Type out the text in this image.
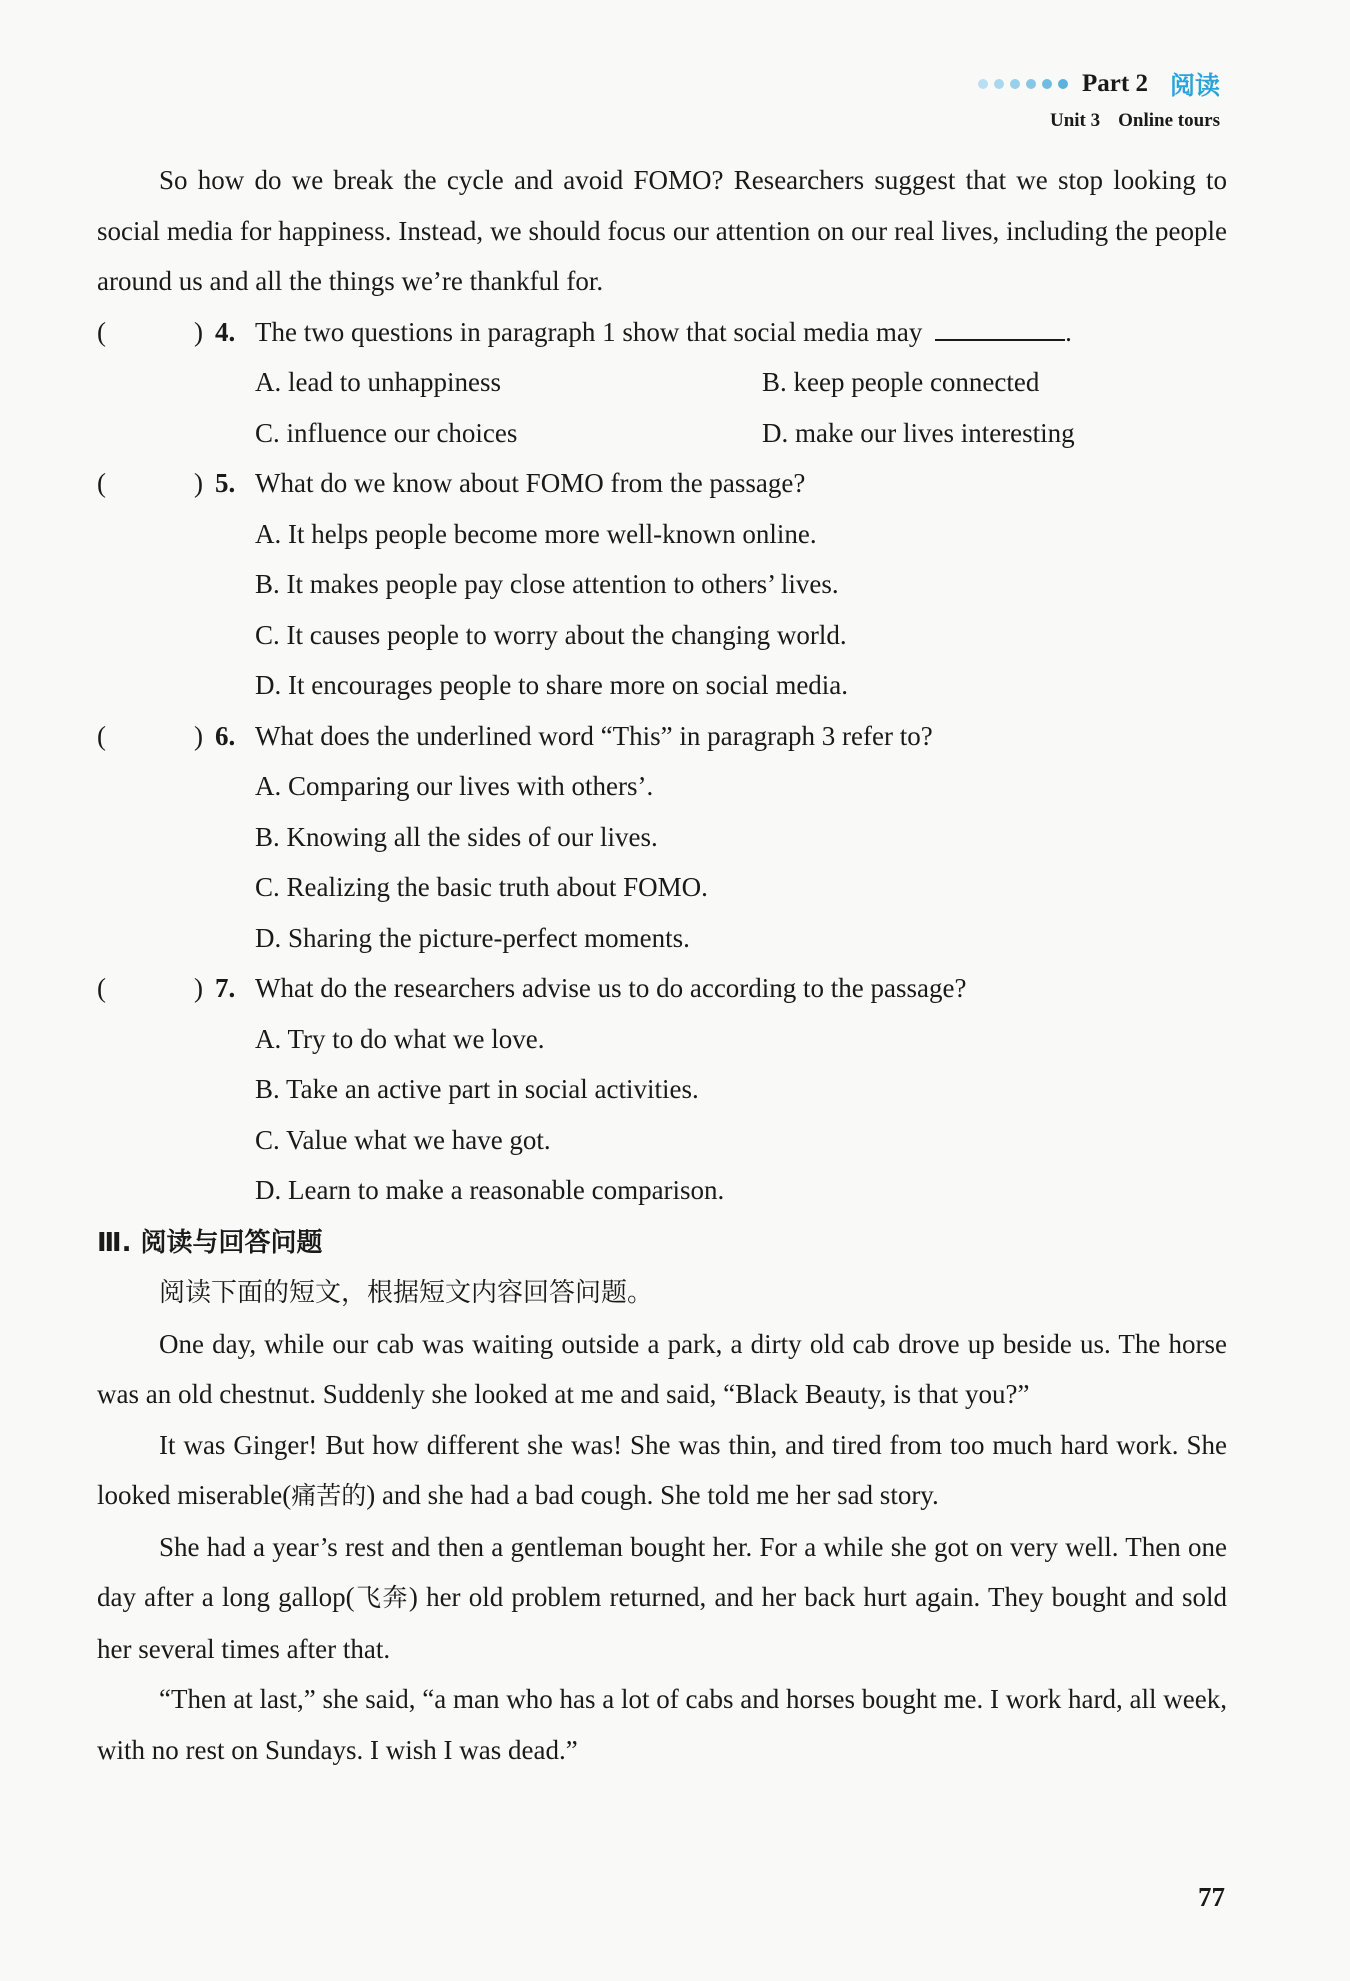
Part 2 阅读
Unit 3 Online tours

So how do we break the cycle and avoid FOMO? Researchers suggest that we stop looking to social media for happiness. Instead, we should focus our attention on our real lives, including the people around us and all the things we’re thankful for.

(	) 4. The two questions in paragraph 1 show that social media may	.
A. lead to unhappiness	B. keep people connected
C. influence our choices	D. make our lives interesting
(	) 5. What do we know about FOMO from the passage?
A. It helps people become more well-known online.
B. It makes people pay close attention to others’ lives.
C. It causes people to worry about the changing world.
D. It encourages people to share more on social media.
(	) 6. What does the underlined word “This” in paragraph 3 refer to?
A. Comparing our lives with others’.
B. Knowing all the sides of our lives.
C. Realizing the basic truth about FOMO.
D. Sharing the picture-perfect moments.
(	) 7. What do the researchers advise us to do according to the passage?
A. Try to do what we love.
B. Take an active part in social activities.
C. Value what we have got.
D. Learn to make a reasonable comparison.
Ⅲ. 阅读与回答问题
阅读下面的短文，根据短文内容回答问题。

One day, while our cab was waiting outside a park, a dirty old cab drove up beside us. The horse was an old chestnut. Suddenly she looked at me and said, “Black Beauty, is that you?”

It was Ginger! But how different she was! She was thin, and tired from too much hard work. She looked miserable(痛苦的) and she had a bad cough. She told me her sad story.

She had a year’s rest and then a gentleman bought her. For a while she got on very well. Then one day after a long gallop(飞奔) her old problem returned, and her back hurt again. They bought and sold her several times after that.

“Then at last,” she said, “a man who has a lot of cabs and horses bought me. I work hard, all week, with no rest on Sundays. I wish I was dead.”

77
